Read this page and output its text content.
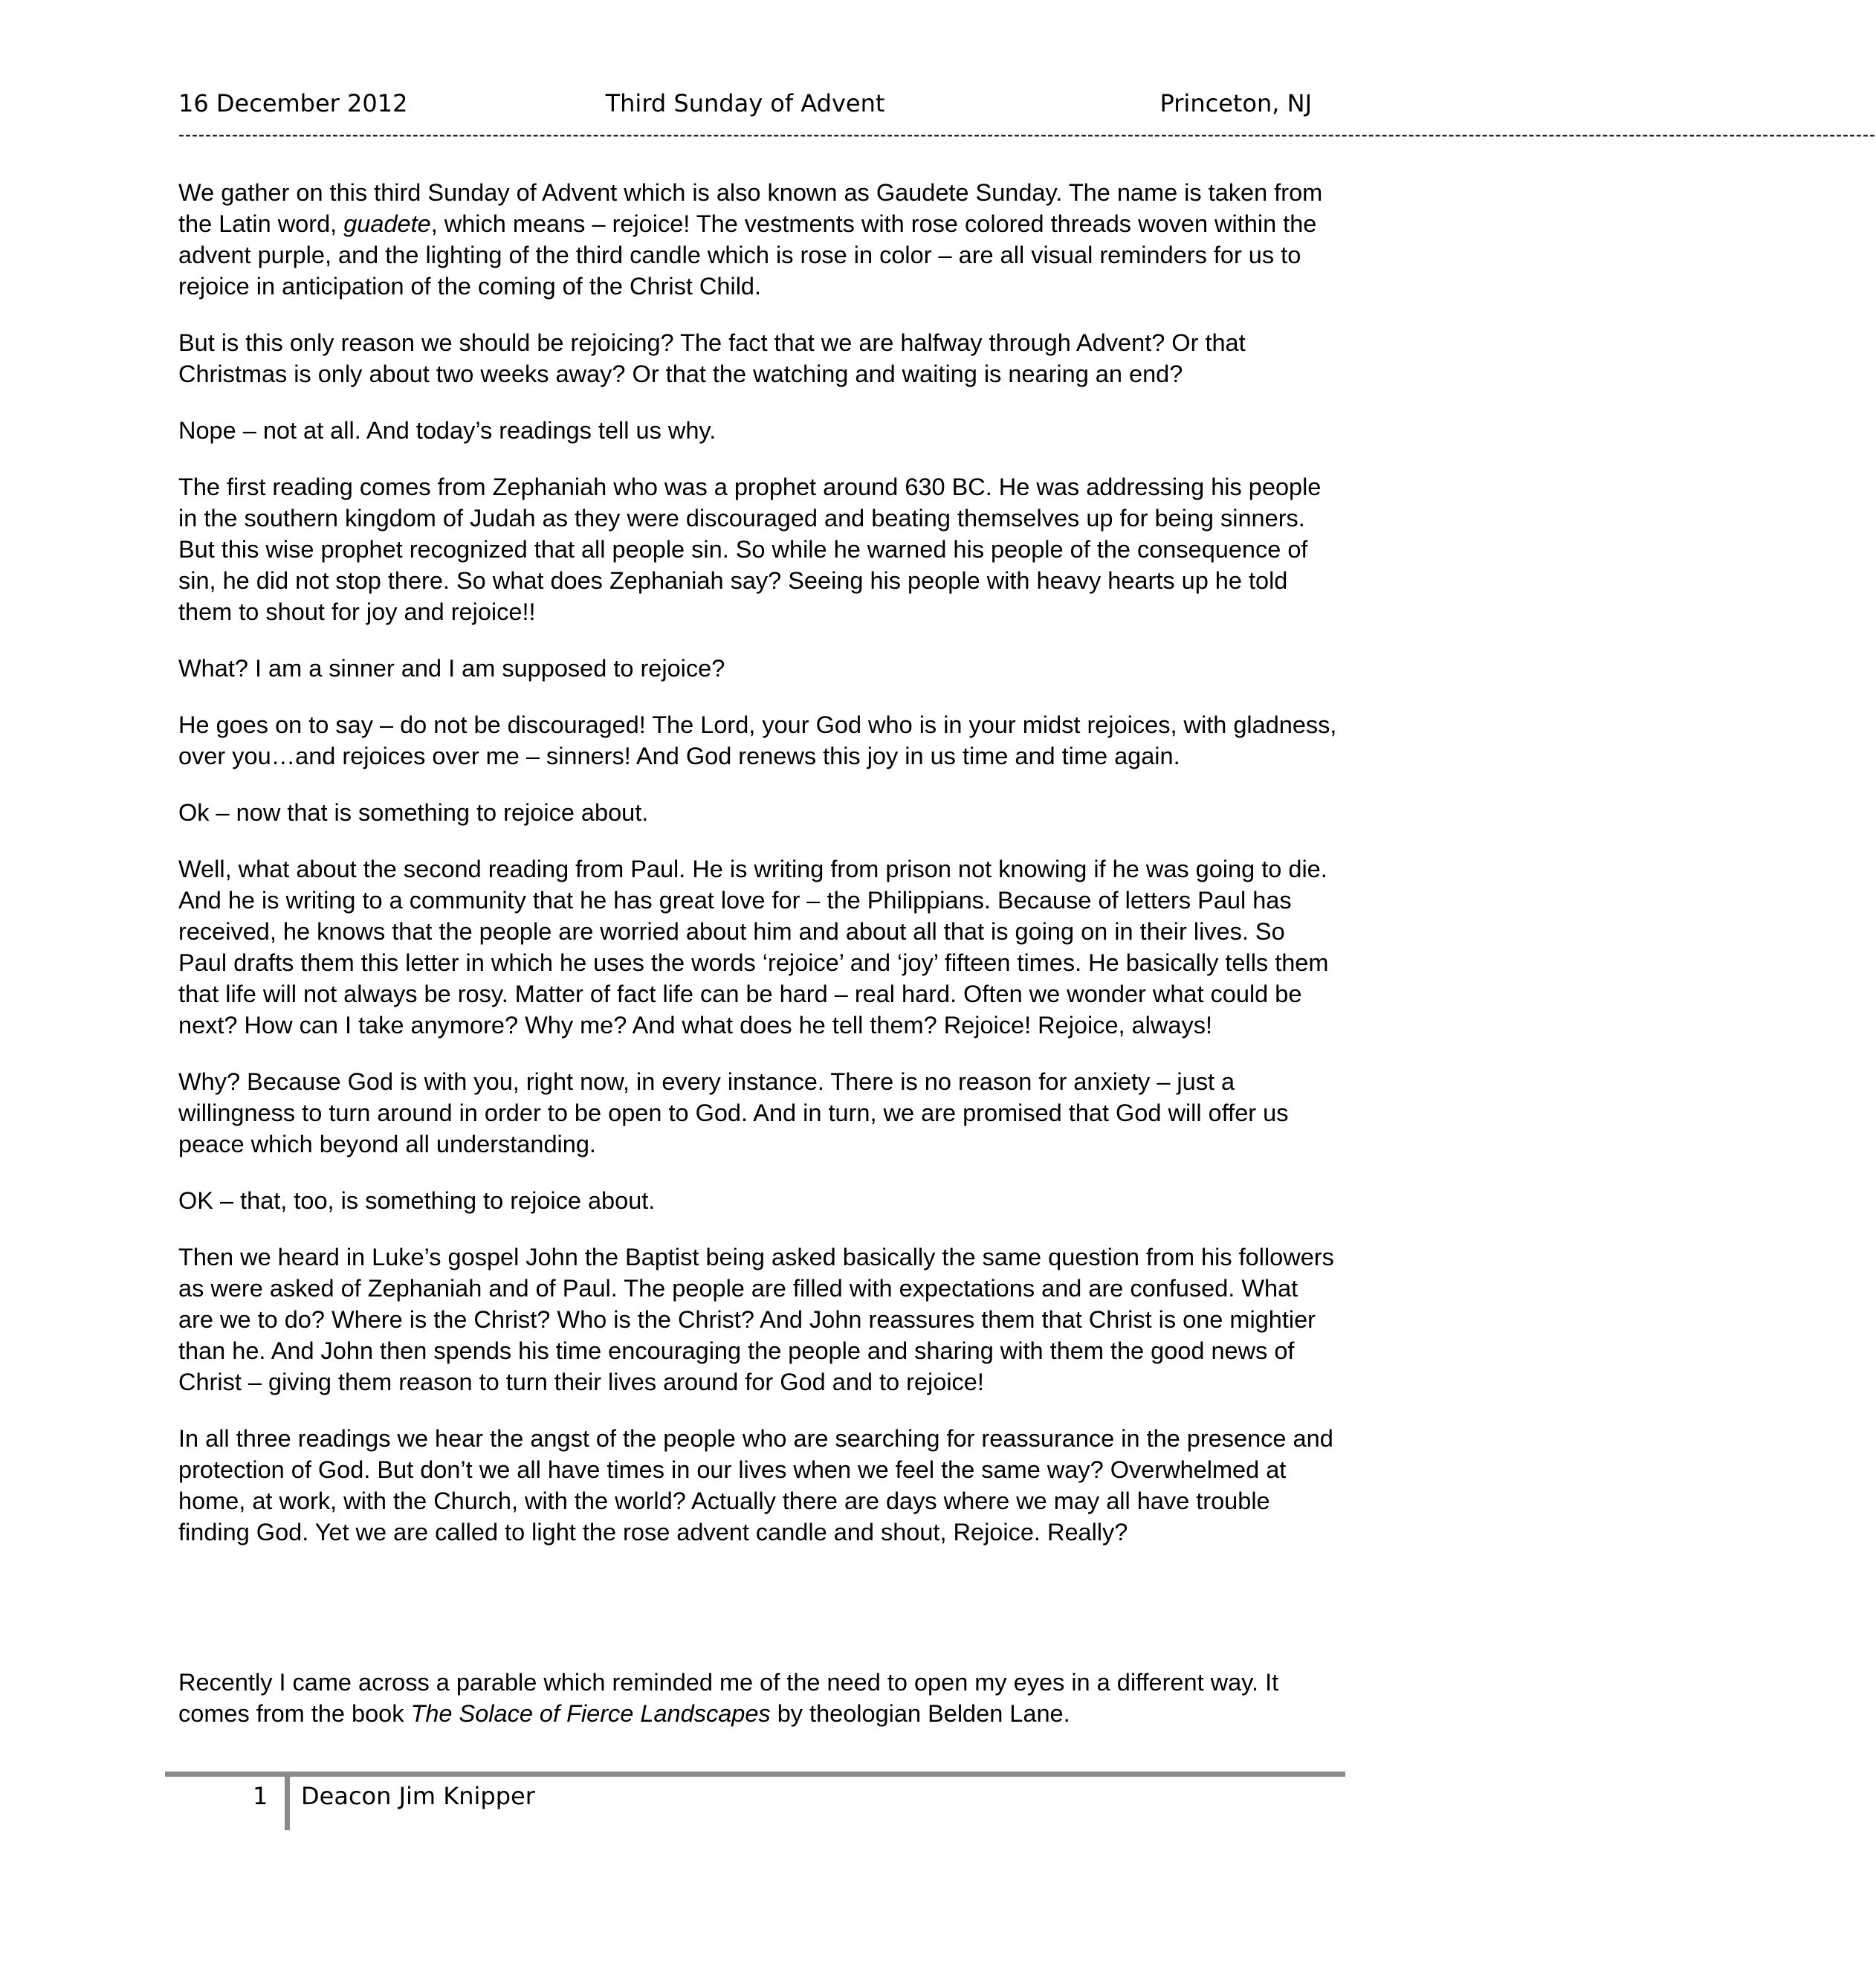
16 December 2012	Third Sunday of Advent	Princeton, NJ
--------------------------------------------------------------------------------------------------------------------------------------------------------------------------------------------------------------------------------------------------------------

We gather on this third Sunday of Advent which is also known as Gaudete Sunday. The name is taken from the Latin word, guadete, which means – rejoice! The vestments with rose colored threads woven within the advent purple, and the lighting of the third candle which is rose in color – are all visual reminders for us to rejoice in anticipation of the coming of the Christ Child.

But is this only reason we should be rejoicing? The fact that we are halfway through Advent? Or that Christmas is only about two weeks away? Or that the watching and waiting is nearing an end?

Nope – not at all. And today’s readings tell us why.

The first reading comes from Zephaniah who was a prophet around 630 BC. He was addressing his people in the southern kingdom of Judah as they were discouraged and beating themselves up for being sinners. But this wise prophet recognized that all people sin. So while he warned his people of the consequence of sin, he did not stop there. So what does Zephaniah say? Seeing his people with heavy hearts up he told them to shout for joy and rejoice!!

What? I am a sinner and I am supposed to rejoice?

He goes on to say – do not be discouraged! The Lord, your God who is in your midst rejoices, with gladness, over you…and rejoices over me – sinners! And God renews this joy in us time and time again.

Ok – now that is something to rejoice about.

Well, what about the second reading from Paul. He is writing from prison not knowing if he was going to die. And he is writing to a community that he has great love for – the Philippians. Because of letters Paul has received, he knows that the people are worried about him and about all that is going on in their lives. So Paul drafts them this letter in which he uses the words ‘rejoice’ and ‘joy’ fifteen times. He basically tells them that life will not always be rosy. Matter of fact life can be hard – real hard. Often we wonder what could be next? How can I take anymore? Why me? And what does he tell them? Rejoice! Rejoice, always!

Why? Because God is with you, right now, in every instance. There is no reason for anxiety – just a willingness to turn around in order to be open to God. And in turn, we are promised that God will offer us peace which beyond all understanding.

OK – that, too, is something to rejoice about.

Then we heard in Luke’s gospel John the Baptist being asked basically the same question from his followers as were asked of Zephaniah and of Paul. The people are filled with expectations and are confused. What are we to do? Where is the Christ? Who is the Christ? And John reassures them that Christ is one mightier than he. And John then spends his time encouraging the people and sharing with them the good news of Christ – giving them reason to turn their lives around for God and to rejoice!

In all three readings we hear the angst of the people who are searching for reassurance in the presence and protection of God. But don’t we all have times in our lives when we feel the same way? Overwhelmed at home, at work, with the Church, with the world? Actually there are days where we may all have trouble finding God. Yet we are called to light the rose advent candle and shout, Rejoice. Really?

Recently I came across a parable which reminded me of the need to open my eyes in a different way. It comes from the book The Solace of Fierce Landscapes by theologian Belden Lane.

1 Deacon Jim Knipper
